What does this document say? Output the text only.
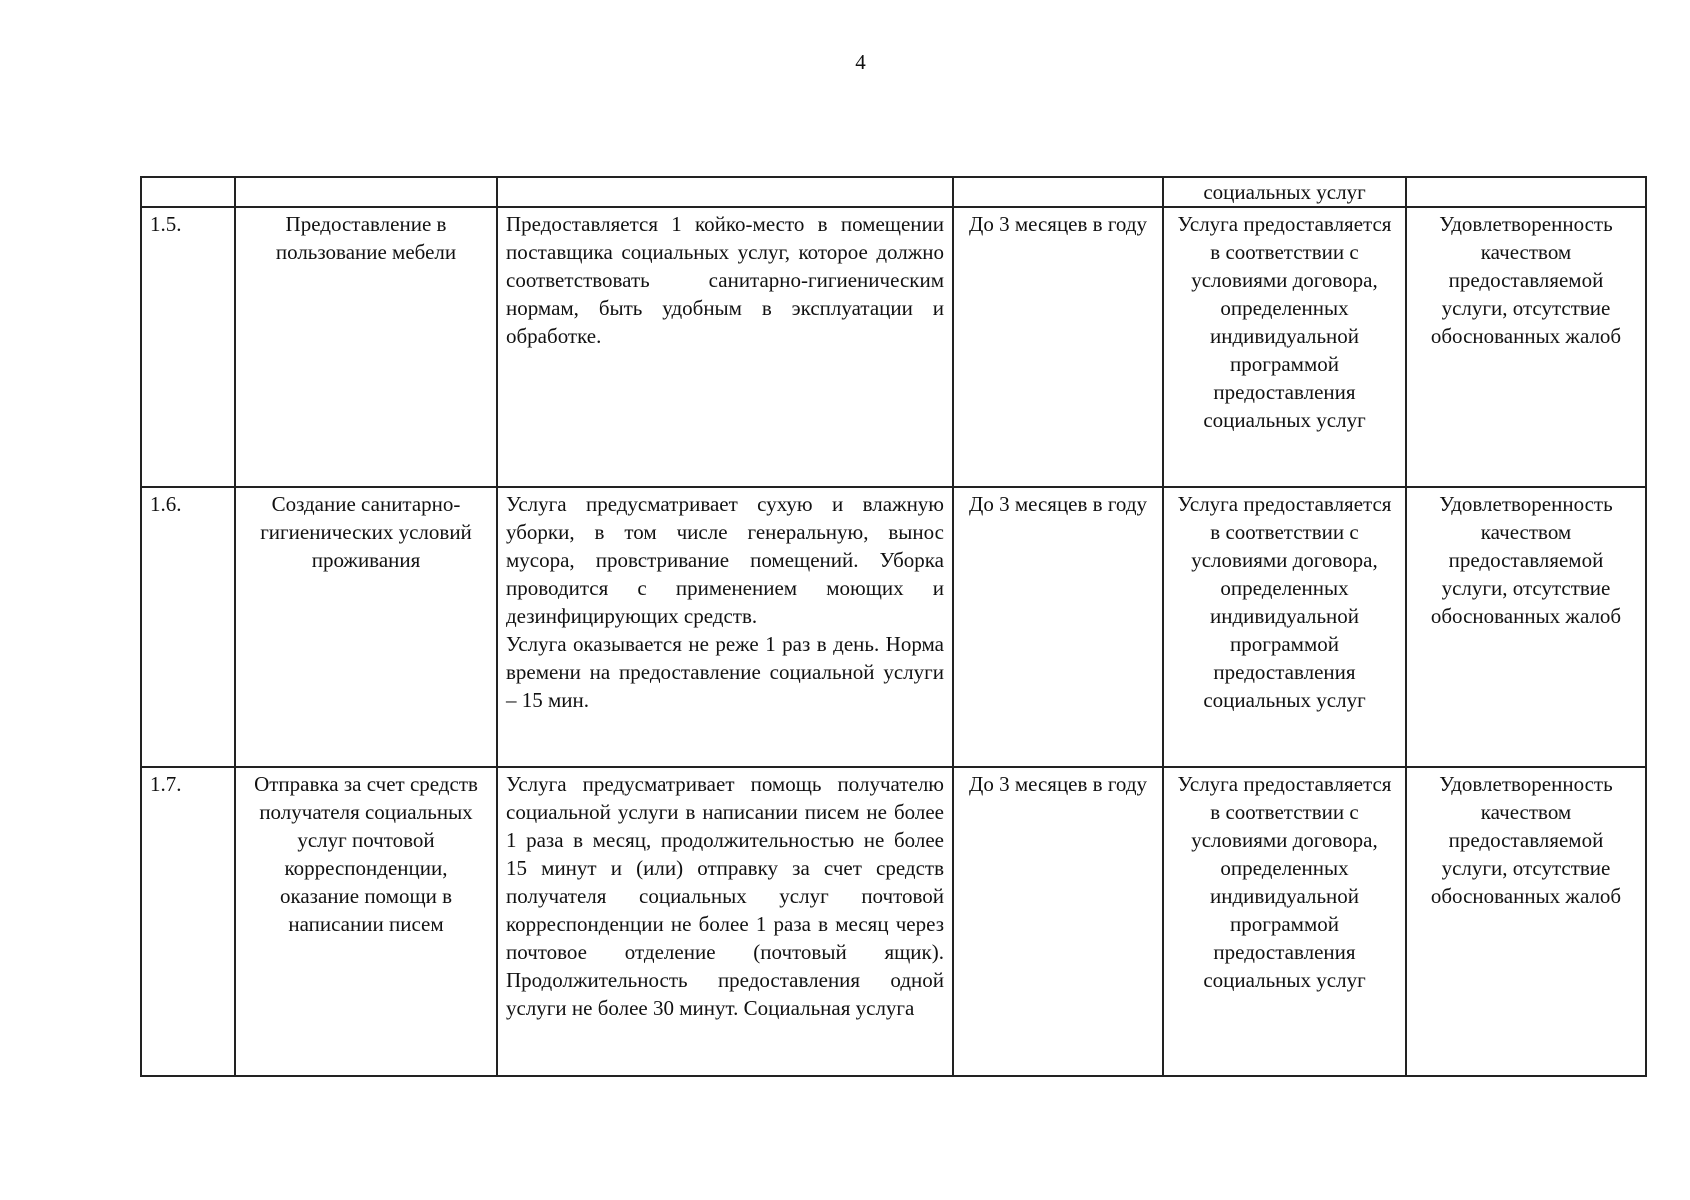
4
				социальных услуг	
1.5.	Предоставление в пользование мебели	Предоставляется 1 койко-место в помещении поставщика социальных услуг, которое должно соответствовать санитарно-гигиеническим нормам, быть удобным в эксплуатации и обработке.	До 3 месяцев в году	Услуга предоставляется в соответствии с условиями договора, определенных индивидуальной программой предоставления социальных услуг	Удовлетворенность качеством предоставляемой услуги, отсутствие обоснованных жалоб
1.6.	Создание санитарно-гигиенических условий проживания	Услуга предусматривает сухую и влажную уборки, в том числе генеральную, вынос мусора, провстривание помещений. Уборка проводится с применением моющих и дезинфицирующих средств.
Услуга оказывается не реже 1 раз в день. Норма времени на предоставление социальной услуги – 15 мин.	До 3 месяцев в году	Услуга предоставляется в соответствии с условиями договора, определенных индивидуальной программой предоставления социальных услуг	Удовлетворенность качеством предоставляемой услуги, отсутствие обоснованных жалоб
1.7.	Отправка за счет средств получателя социальных услуг почтовой корреспонденции, оказание помощи в написании писем	Услуга предусматривает помощь получателю социальной услуги в написании писем не более 1 раза в месяц, продолжительностью не более 15 минут и (или) отправку за счет средств получателя социальных услуг почтовой корреспонденции не более 1 раза в месяц через почтовое отделение (почтовый ящик). Продолжительность предоставления одной услуги не более 30 минут. Социальная услуга	До 3 месяцев в году	Услуга предоставляется в соответствии с условиями договора, определенных индивидуальной программой предоставления социальных услуг	Удовлетворенность качеством предоставляемой услуги, отсутствие обоснованных жалоб
